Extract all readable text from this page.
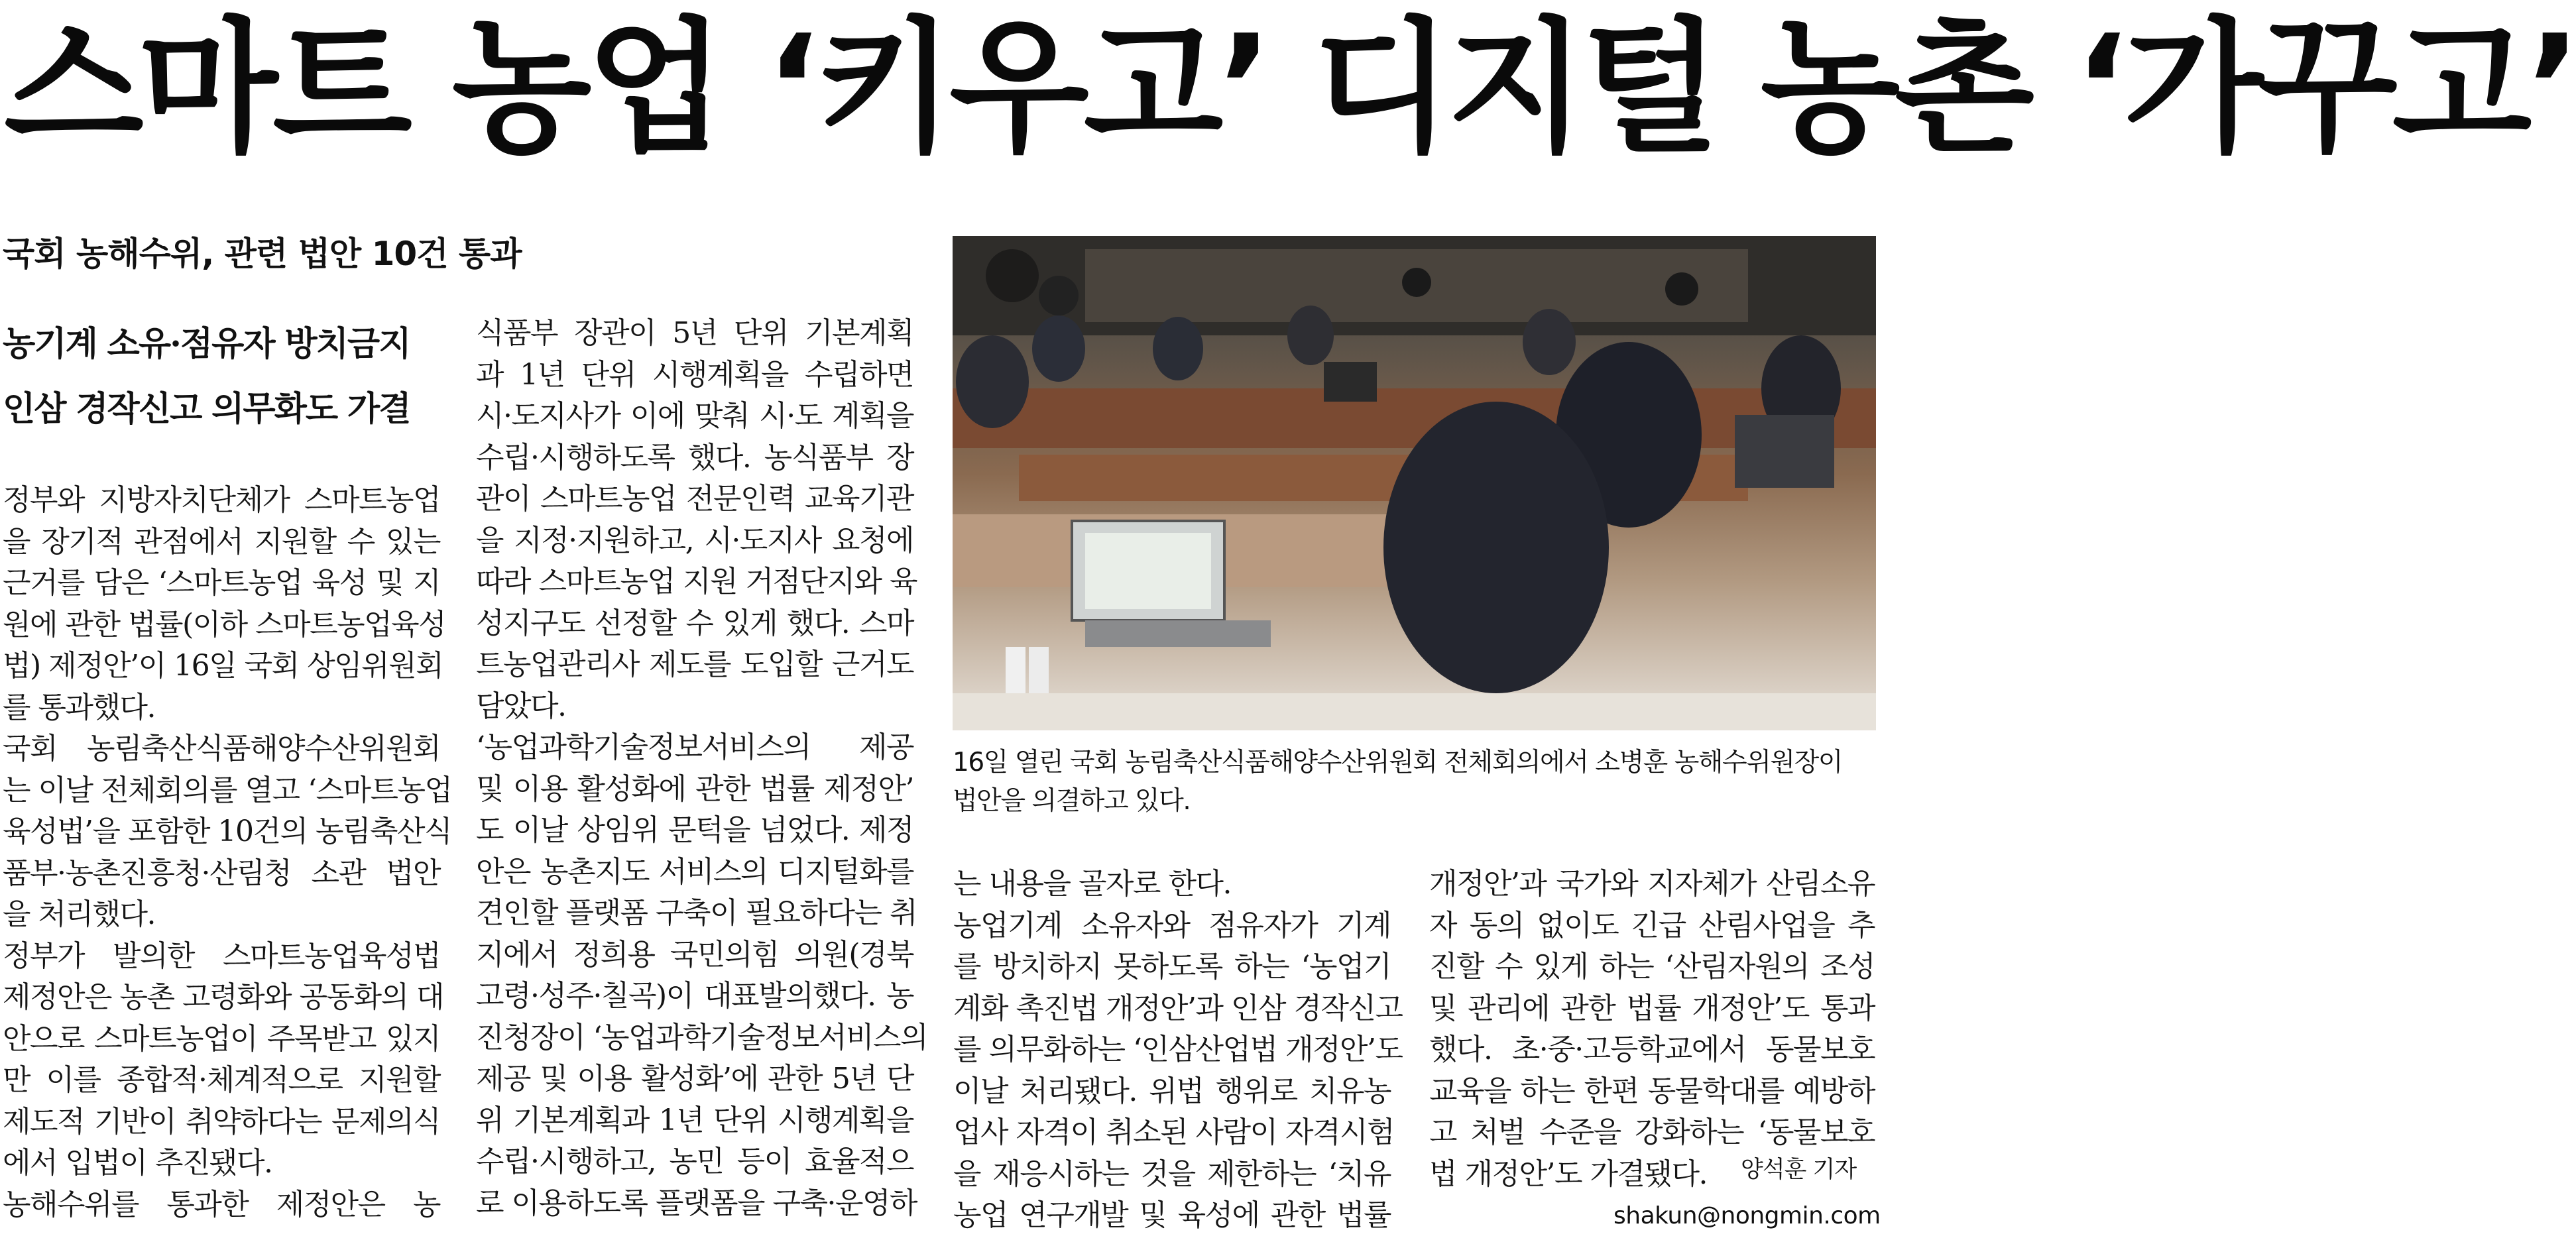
스마트 농업 ‘키우고’ 디지털 농촌 ‘가꾸고’
국회 농해수위, 관련 법안 10건 통과
농기계 소유·점유자 방치금지
인삼 경작신고 의무화도 가결
정부와 지방자치단체가 스마트농업
을 장기적 관점에서 지원할 수 있는
근거를 담은 ‘스마트농업 육성 및 지
원에 관한 법률(이하 스마트농업육성
법) 제정안’이 16일 국회 상임위원회
를 통과했다.
국회 농림축산식품해양수산위원회
는 이날 전체회의를 열고 ‘스마트농업
육성법’을 포함한 10건의 농림축산식
품부·농촌진흥청·산림청 소관 법안
을 처리했다.
정부가 발의한 스마트농업육성법
제정안은 농촌 고령화와 공동화의 대
안으로 스마트농업이 주목받고 있지
만 이를 종합적·체계적으로 지원할
제도적 기반이 취약하다는 문제의식
에서 입법이 추진됐다.
농해수위를 통과한 제정안은 농
식품부 장관이 5년 단위 기본계획
과 1년 단위 시행계획을 수립하면
시·도지사가 이에 맞춰 시·도 계획을
수립·시행하도록 했다. 농식품부 장
관이 스마트농업 전문인력 교육기관
을 지정·지원하고, 시·도지사 요청에
따라 스마트농업 지원 거점단지와 육
성지구도 선정할 수 있게 했다. 스마
트농업관리사 제도를 도입할 근거도
담았다.
‘농업과학기술정보서비스의 제공
및 이용 활성화에 관한 법률 제정안’
도 이날 상임위 문턱을 넘었다. 제정
안은 농촌지도 서비스의 디지털화를
견인할 플랫폼 구축이 필요하다는 취
지에서 정희용 국민의힘 의원(경북
고령·성주·칠곡)이 대표발의했다. 농
진청장이 ‘농업과학기술정보서비스의
제공 및 이용 활성화’에 관한 5년 단
위 기본계획과 1년 단위 시행계획을
수립·시행하고, 농민 등이 효율적으
로 이용하도록 플랫폼을 구축·운영하
는 내용을 골자로 한다.
농업기계 소유자와 점유자가 기계
를 방치하지 못하도록 하는 ‘농업기
계화 촉진법 개정안’과 인삼 경작신고
를 의무화하는 ‘인삼산업법 개정안’도
이날 처리됐다. 위법 행위로 치유농
업사 자격이 취소된 사람이 자격시험
을 재응시하는 것을 제한하는 ‘치유
농업 연구개발 및 육성에 관한 법률
개정안’과 국가와 지자체가 산림소유
자 동의 없이도 긴급 산림사업을 추
진할 수 있게 하는 ‘산림자원의 조성
및 관리에 관한 법률 개정안’도 통과
했다. 초·중·고등학교에서 동물보호
교육을 하는 한편 동물학대를 예방하
고 처벌 수준을 강화하는 ‘동물보호
법 개정안’도 가결됐다.
16일 열린 국회 농림축산식품해양수산위원회 전체회의에서 소병훈 농해수위원장이
법안을 의결하고 있다.
양석훈 기자
shakun@nongmin.com
